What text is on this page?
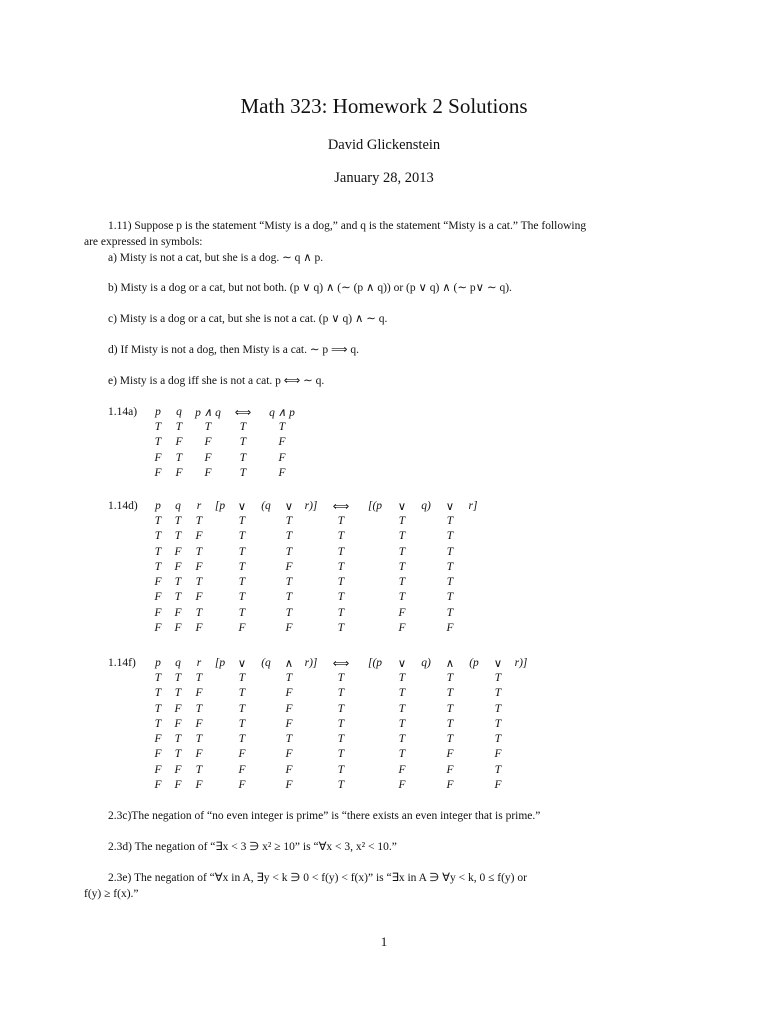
Math 323: Homework 2 Solutions
David Glickenstein
January 28, 2013
1.11) Suppose p is the statement “Misty is a dog,” and q is the statement “Misty is a cat.” The following
are expressed in symbols:
a) Misty is not a cat, but she is a dog. ∼ q ∧ p.
b) Misty is a dog or a cat, but not both. (p ∨ q) ∧ (∼ (p ∧ q)) or (p ∨ q) ∧ (∼ p∨ ∼ q).
c) Misty is a dog or a cat, but she is not a cat. (p ∨ q) ∧ ∼ q.
d) If Misty is not a dog, then Misty is a cat. ∼ p ⟹ q.
e) Misty is a dog iff she is not a cat. p ⟺ ∼ q.
1.14a)	p	q	p ∧ q	⟺	q ∧ p
	T	T	T	T	T
	T	F	F	T	F
	F	T	F	T	F
	F	F	F	T	F
1.14d)	p	q	r	[p	∨	(q	∨	r)]	⟺	[(p	∨	q)	∨	r]
	T	T	T		T		T		T		T		T	
	T	T	F		T		T		T		T		T	
	T	F	T		T		T		T		T		T	
	T	F	F		T		F		T		T		T	
	F	T	T		T		T		T		T		T	
	F	T	F		T		T		T		T		T	
	F	F	T		T		T		T		F		T	
	F	F	F		F		F		T		F		F	
1.14f)	p	q	r	[p	∨	(q	∧	r)]	⟺	[(p	∨	q)	∧	(p	∨	r)]
	T	T	T		T		T		T		T		T		T	
	T	T	F		T		F		T		T		T		T	
	T	F	T		T		F		T		T		T		T	
	T	F	F		T		F		T		T		T		T	
	F	T	T		T		T		T		T		T		T	
	F	T	F		F		F		T		T		F		F	
	F	F	T		F		F		T		F		F		T	
	F	F	F		F		F		T		F		F		F	
2.3c)The negation of “no even integer is prime” is “there exists an even integer that is prime.”
2.3d) The negation of “∃x < 3 ∋ x² ≥ 10” is “∀x < 3, x² < 10.”
2.3e) The negation of “∀x in A, ∃y < k ∋ 0 < f(y) < f(x)” is “∃x in A ∋ ∀y < k, 0 ≤ f(y) or
f(y) ≥ f(x).”
1
